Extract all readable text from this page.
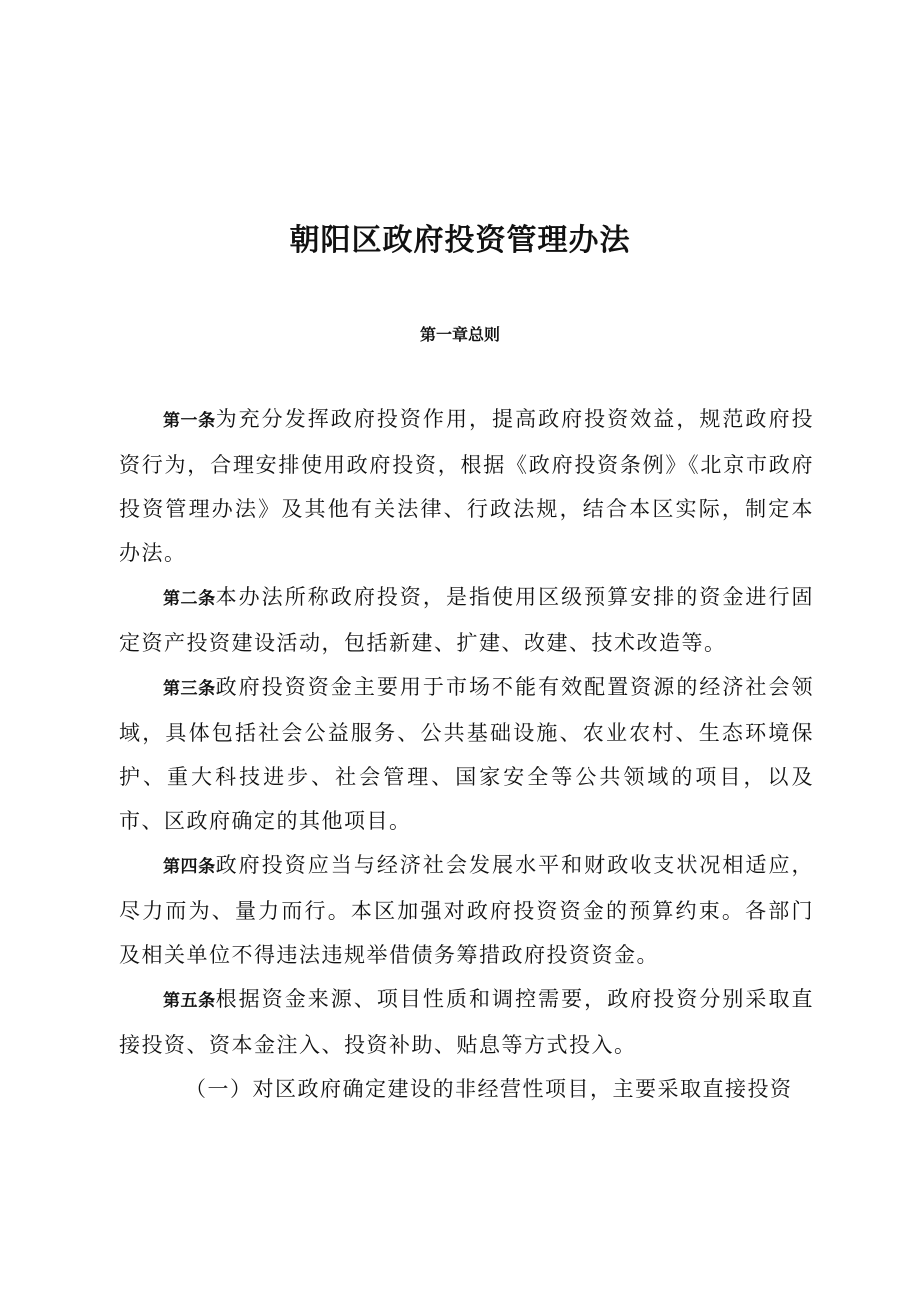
朝阳区政府投资管理办法
第一章总则

第一条为充分发挥政府投资作用，提高政府投资效益，规范政府投资行为，合理安排使用政府投资，根据《政府投资条例》《北京市政府投资管理办法》及其他有关法律、行政法规，结合本区实际，制定本办法。

第二条本办法所称政府投资，是指使用区级预算安排的资金进行固定资产投资建设活动，包括新建、扩建、改建、技术改造等。

第三条政府投资资金主要用于市场不能有效配置资源的经济社会领域，具体包括社会公益服务、公共基础设施、农业农村、生态环境保护、重大科技进步、社会管理、国家安全等公共领域的项目，以及市、区政府确定的其他项目。

第四条政府投资应当与经济社会发展水平和财政收支状况相适应，尽力而为、量力而行。本区加强对政府投资资金的预算约束。各部门及相关单位不得违法违规举借债务筹措政府投资资金。

第五条根据资金来源、项目性质和调控需要，政府投资分别采取直接投资、资本金注入、投资补助、贴息等方式投入。

（一）对区政府确定建设的非经营性项目，主要采取直接投资
